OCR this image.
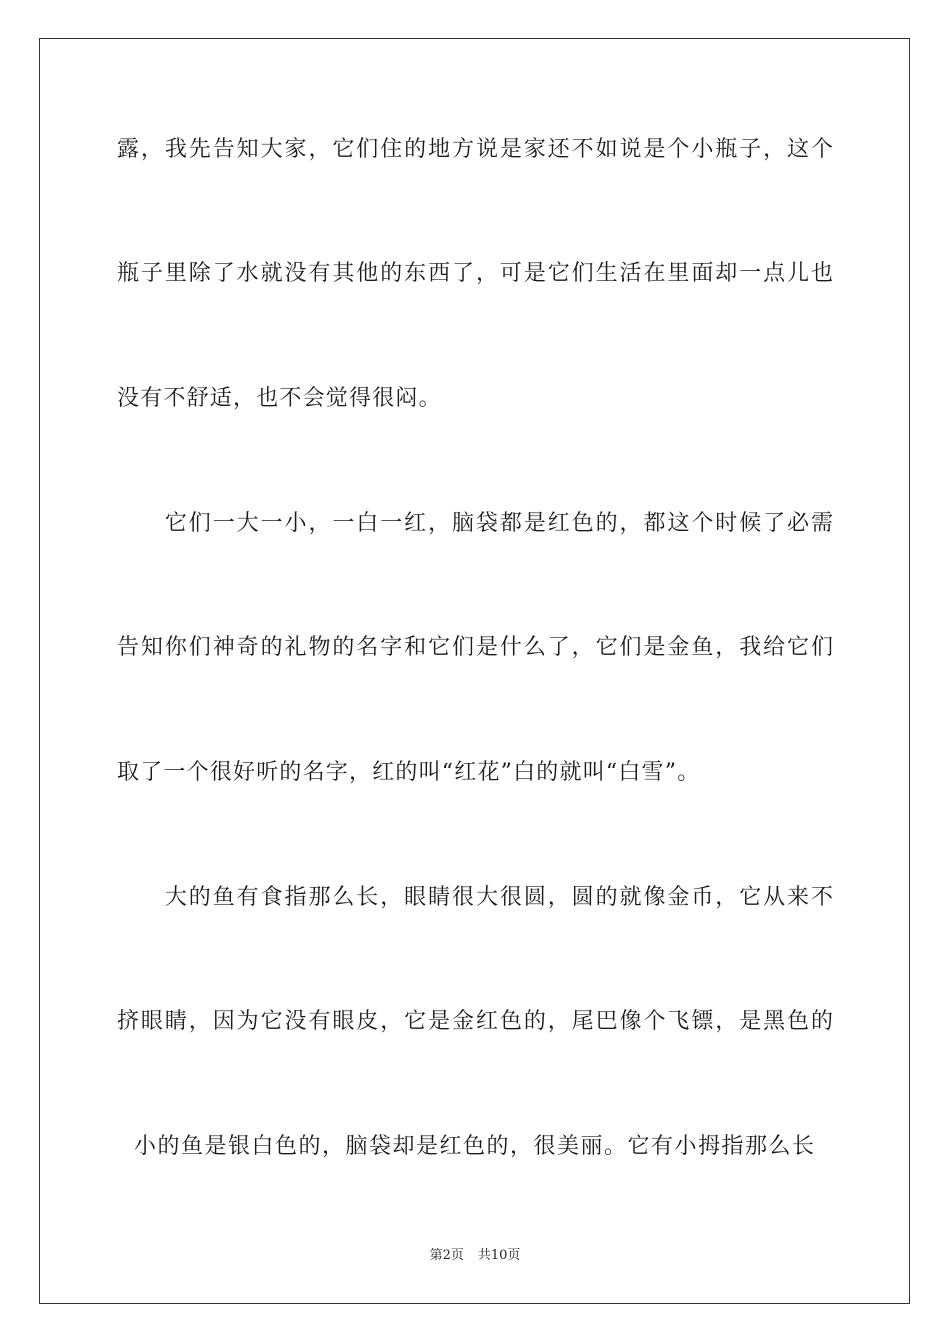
露，我先告知大家，它们住的地方说是家还不如说是个小瓶子，这个
瓶子里除了水就没有其他的东西了，可是它们生活在里面却一点儿也
没有不舒适，也不会觉得很闷。
　　它们一大一小，一白一红，脑袋都是红色的，都这个时候了必需
告知你们神奇的礼物的名字和它们是什么了，它们是金鱼，我给它们
取了一个很好听的名字，红的叫“红花”白的就叫“白雪”。
　　大的鱼有食指那么长，眼睛很大很圆，圆的就像金币，它从来不
挤眼睛，因为它没有眼皮，它是金红色的，尾巴像个飞镖，是黑色的
小的鱼是银白色的，脑袋却是红色的，很美丽。它有小拇指那么长
第2页 共10页
